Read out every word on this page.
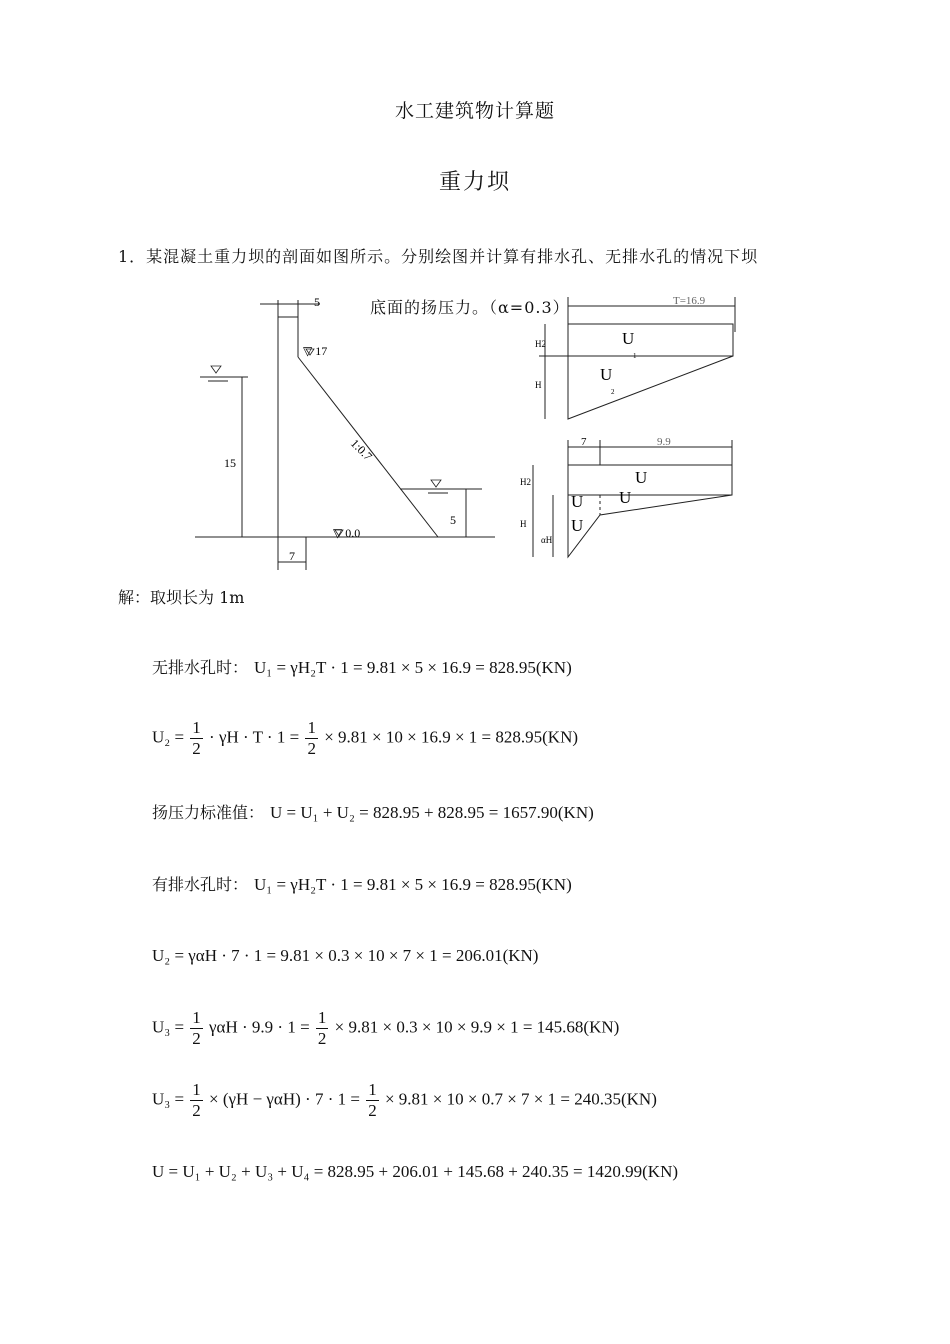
水工建筑物计算题
重力坝
1．某混凝土重力坝的剖面如图所示。分别绘图并计算有排水孔、无排水孔的情况下坝
底面的扬压力。（α=0.3）
5
▽ 17
15	1:0.7
5
▽ 0.0
7
T=16.9
H2
H
U
1
U
2
7	9.9
H2
H
αH
U
U U
U
解：取坝长为 1m
无排水孔时： U₁ = γH₂T · 1 = 9.81 × 5 × 16.9 = 828.95(KN)
$U_2 = \frac{1}{2} \cdot \gamma H \cdot T \cdot 1 = \frac{1}{2} \times 9.81 \times 10 \times 16.9 \times 1 = 828.95(KN)$
扬压力标准值： U = U₁ + U₂ = 828.95 + 828.95 = 1657.90(KN)
有排水孔时： U₁ = γH₂T · 1 = 9.81 × 5 × 16.9 = 828.95(KN)
U₂ = γαH · 7 · 1 = 9.81 × 0.3 × 10 × 7 × 1 = 206.01(KN)
$U_3 = \frac{1}{2}$ $\gamma\alpha H \cdot 9.9 \cdot 1 = \frac{1}{2} \times 9.81 \times 0.3 \times 10 \times 9.9 \times 1 = 145.68(KN)$
$U_3 = \frac{1}{2} \times (\gamma H - \gamma\alpha H) \cdot 7 \cdot 1 = \frac{1}{2} \times 9.81 \times 10 \times 0.7 \times 7 \times 1 = 240.35(KN)$
U = U₁ + U₂ + U₃ + U₄ = 828.95 + 206.01 + 145.68 + 240.35 = 1420.99(KN)
